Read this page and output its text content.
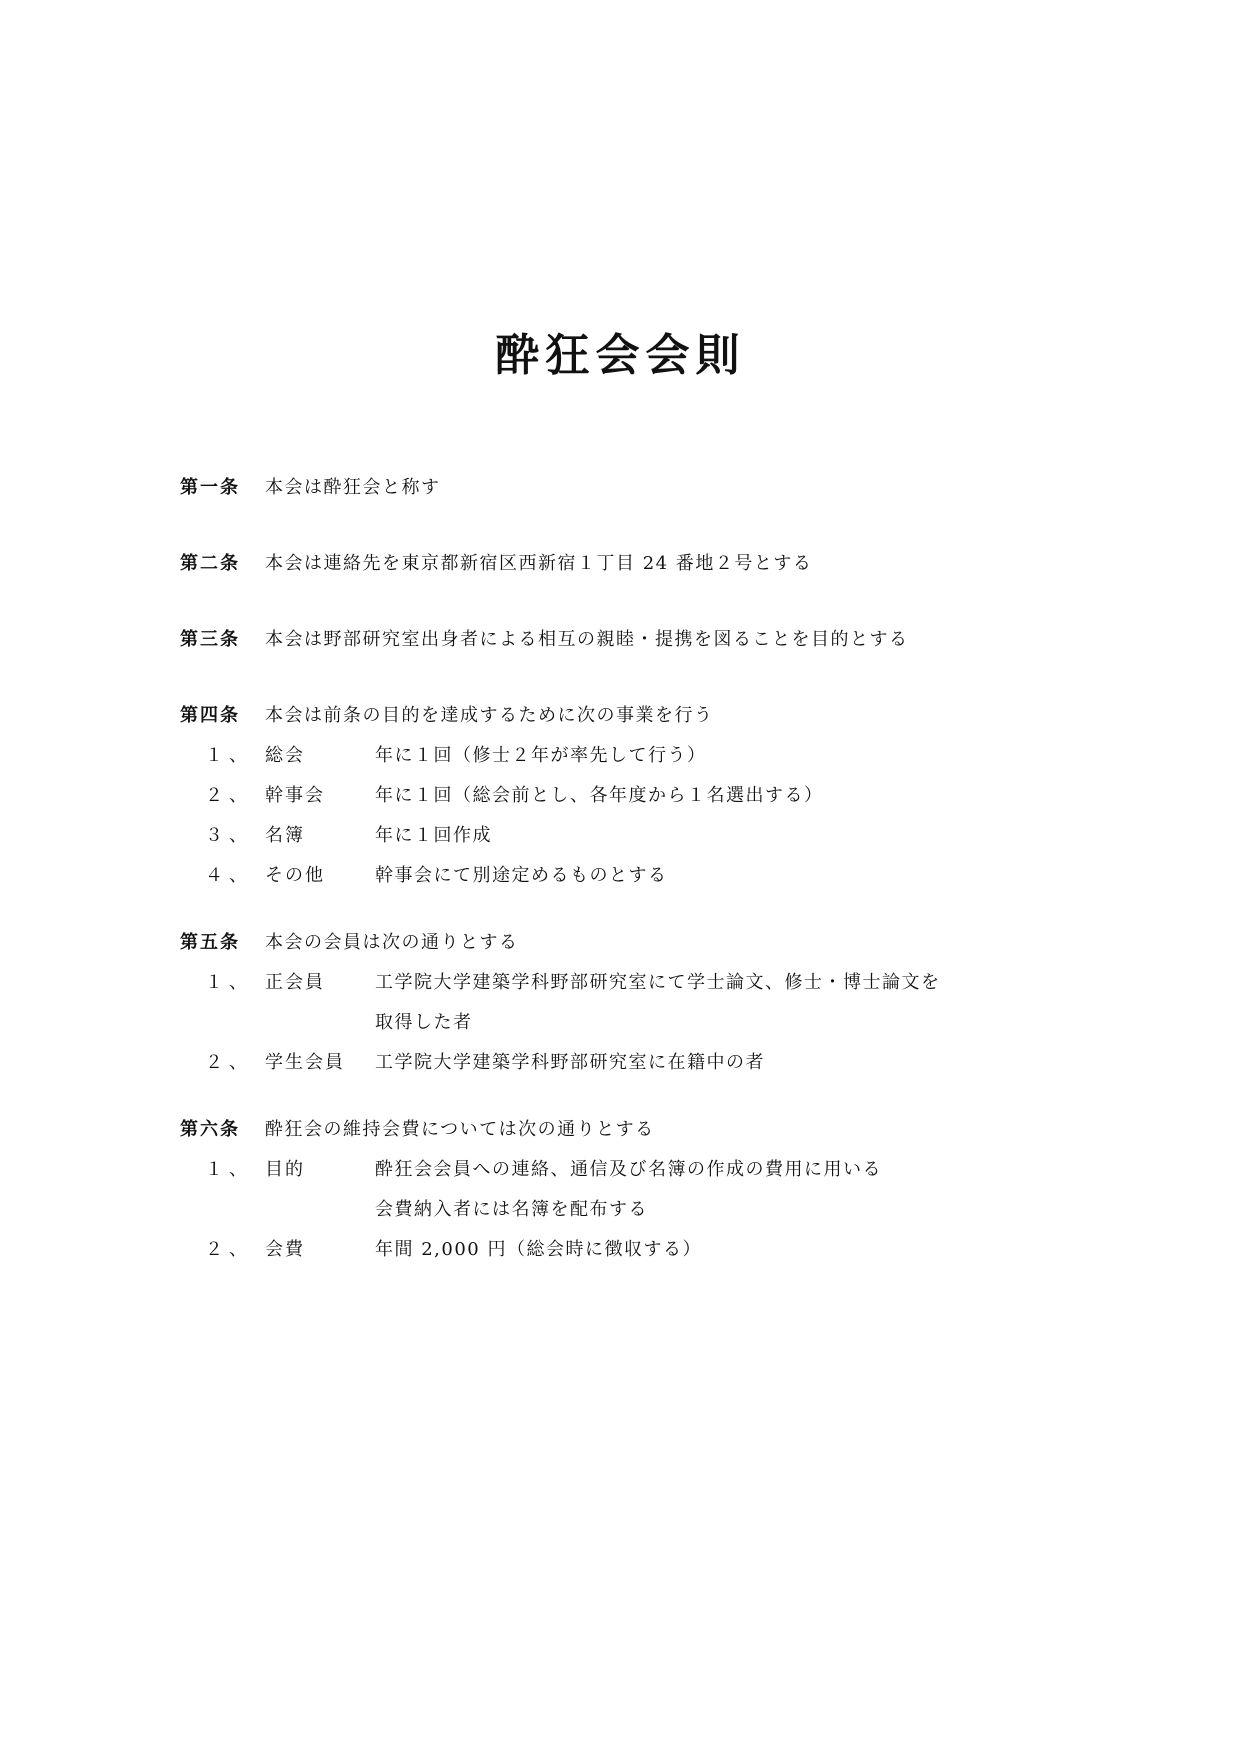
酔狂会会則
第一条 本会は酔狂会と称す
第二条 本会は連絡先を東京都新宿区西新宿１丁目 24 番地２号とする
第三条 本会は野部研究室出身者による相互の親睦・提携を図ることを目的とする
第四条 本会は前条の目的を達成するために次の事業を行う
１、 総会	年に１回（修士２年が率先して行う）
２、 幹事会	年に１回（総会前とし、各年度から１名選出する）
３、 名簿	年に１回作成
４、 その他	幹事会にて別途定めるものとする
第五条 本会の会員は次の通りとする
１、 正会員	工学院大学建築学科野部研究室にて学士論文、修士・博士論文を
取得した者
２、 学生会員 工学院大学建築学科野部研究室に在籍中の者
第六条 酔狂会の維持会費については次の通りとする
１、 目的	酔狂会会員への連絡、通信及び名簿の作成の費用に用いる
会費納入者には名簿を配布する
２、 会費	年間 2,000 円（総会時に徴収する）
